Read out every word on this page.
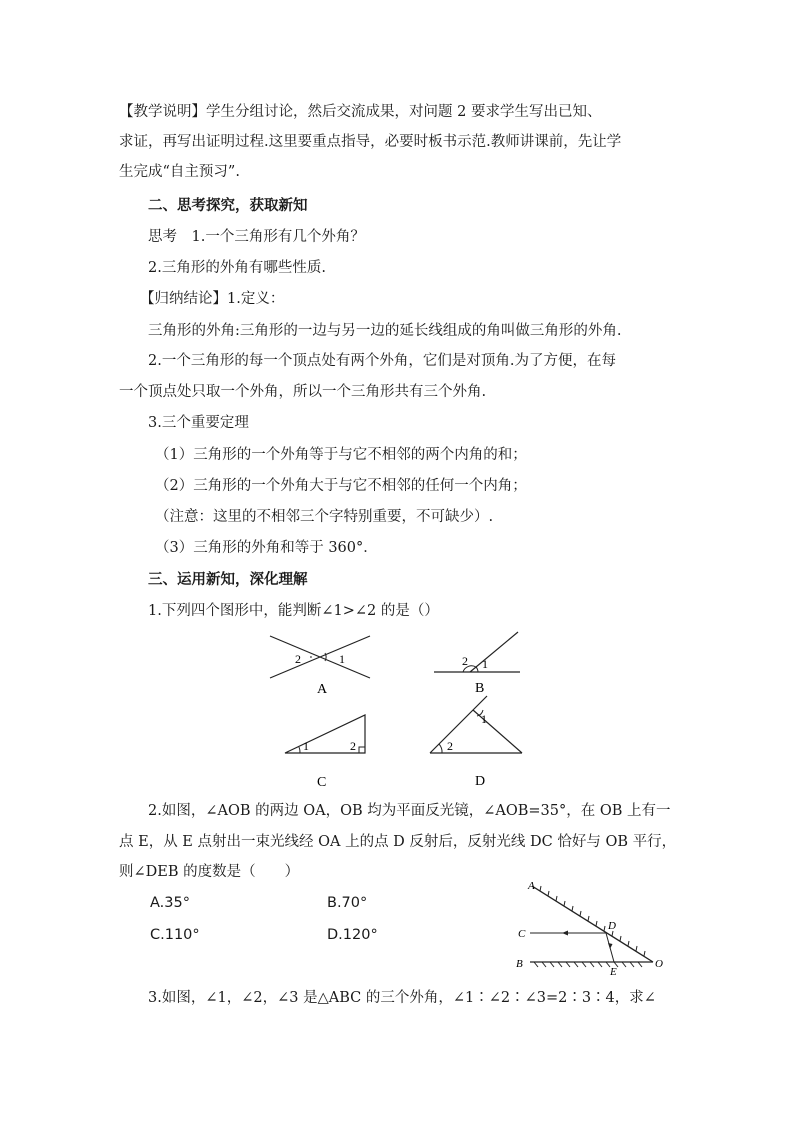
【教学说明】学生分组讨论，然后交流成果，对问题 2 要求学生写出已知、
求证，再写出证明过程.这里要重点指导，必要时板书示范.教师讲课前，先让学
生完成“自主预习”.
二、思考探究，获取新知
思考　1.一个三角形有几个外角？
2.三角形的外角有哪些性质.
【归纳结论】1.定义：
三角形的外角:三角形的一边与另一边的延长线组成的角叫做三角形的外角.
2.一个三角形的每一个顶点处有两个外角，它们是对顶角.为了方便，在每
一个顶点处只取一个外角，所以一个三角形共有三个外角.
3.三个重要定理
（1）三角形的一个外角等于与它不相邻的两个内角的和；
（2）三角形的一个外角大于与它不相邻的任何一个内角；
（注意：这里的不相邻三个字特别重要，不可缺少）.
（3）三角形的外角和等于 360°．
三、运用新知，深化理解
1.下列四个图形中，能判断∠1>∠2 的是（）
2	1
A
2 1
B
1	2
C
1
2
D
2.如图，∠AOB 的两边 OA，OB 均为平面反光镜，∠AOB=35°，在 OB 上有一
点 E，从 E 点射出一束光线经 OA 上的点 D 反射后，反射光线 DC 恰好与 OB 平行，
则∠DEB 的度数是（　　）
A.35°	B.70°
C.110°	D.120°
A
C
B
D
E
O
3.如图，∠1，∠2，∠3 是△ABC 的三个外角，∠1∶∠2∶∠3=2∶3∶4，求∠
